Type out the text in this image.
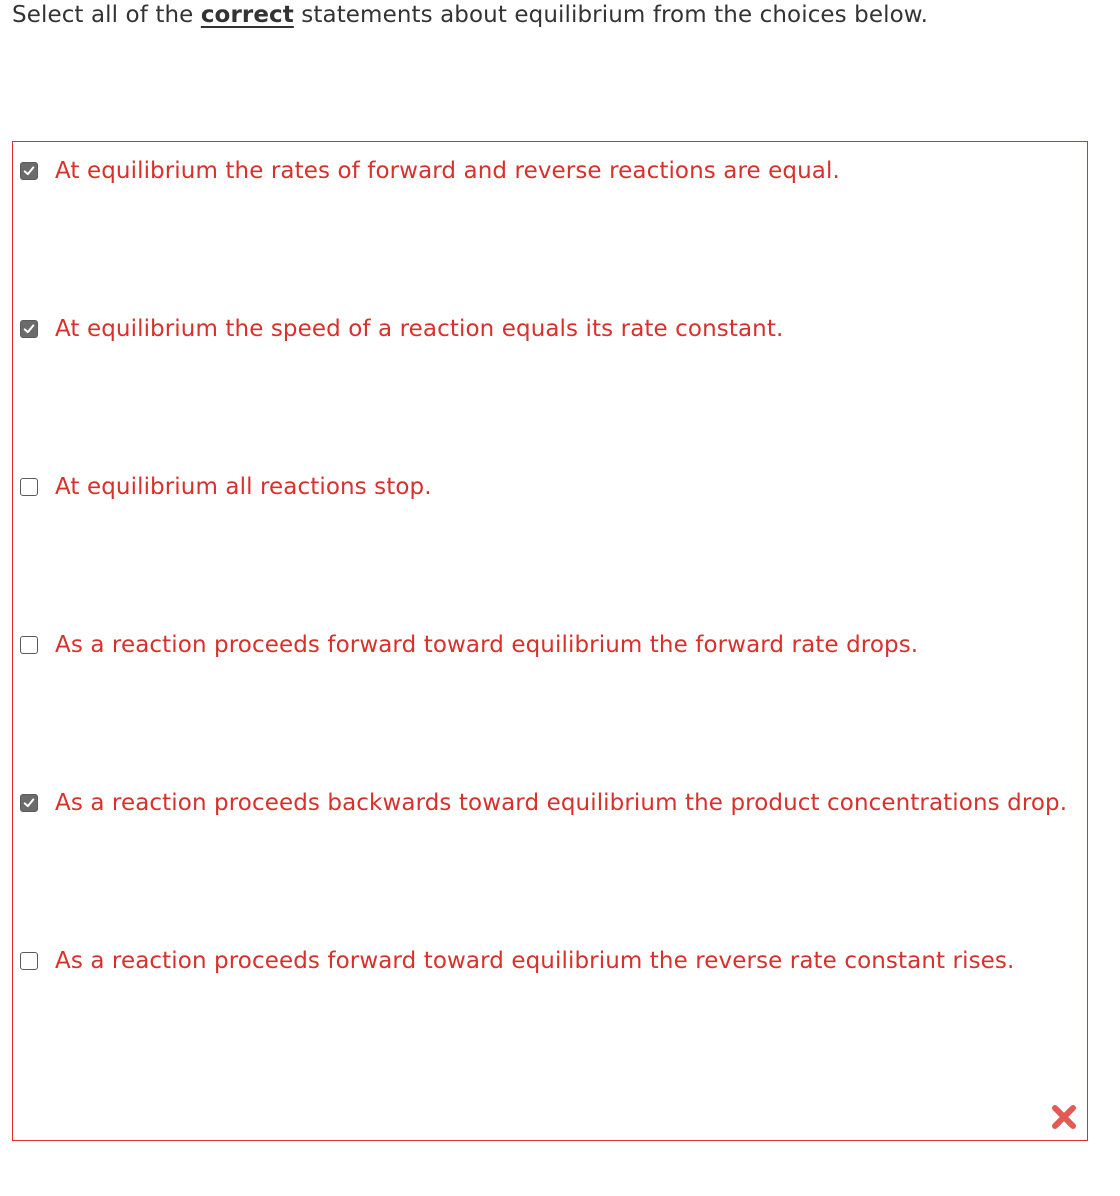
Select all of the correct statements about equilibrium from the choices below.
At equilibrium the rates of forward and reverse reactions are equal.
At equilibrium the speed of a reaction equals its rate constant.
At equilibrium all reactions stop.
As a reaction proceeds forward toward equilibrium the forward rate drops.
As a reaction proceeds backwards toward equilibrium the product concentrations drop.
As a reaction proceeds forward toward equilibrium the reverse rate constant rises.
